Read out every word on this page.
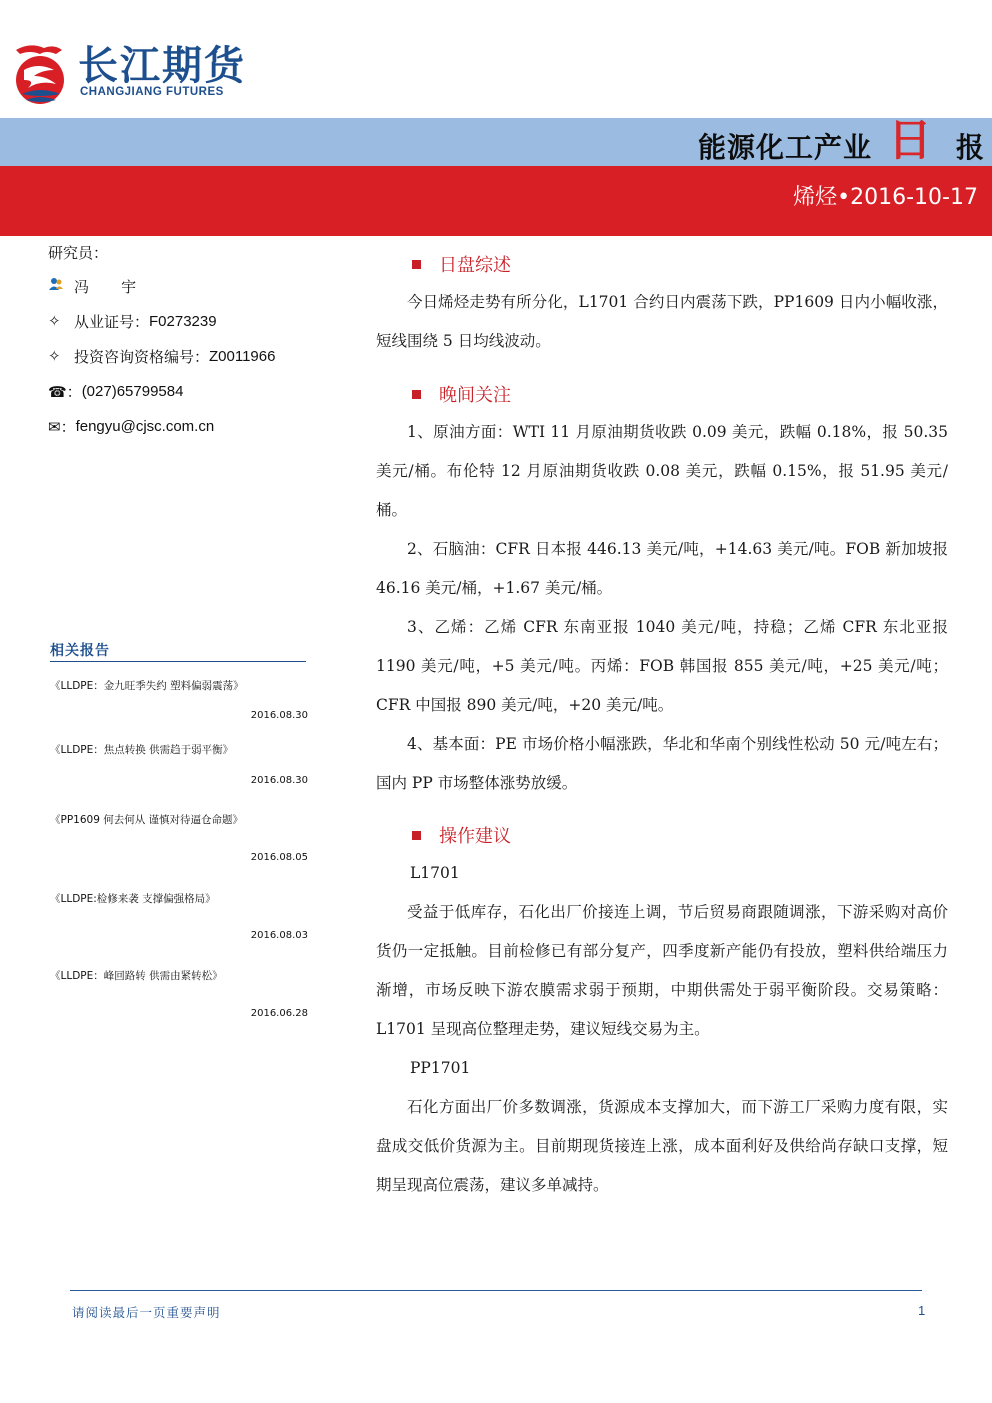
长江期货
CHANGJIANG FUTURES
能源化工产业 日 报
烯烃•2016-10-17
研究员：
冯 宇
✧ 从业证号： F0273239
✧ 投资咨询资格编号： Z0011966
☎： (027)65799584
✉： fengyu@cjsc.com.cn
相关报告
《LLDPE：金九旺季失约 塑料偏弱震荡》
2016.08.30
《LLDPE：焦点转换 供需趋于弱平衡》
2016.08.30
《PP1609 何去何从 谨慎对待逼仓命题》
2016.08.05
《LLDPE:检修来袭 支撑偏强格局》
2016.08.03
《LLDPE：峰回路转 供需由紧转松》
2016.06.28
日盘综述
今日烯烃走势有所分化，L1701 合约日内震荡下跌，PP1609 日内小幅收涨，短线围绕 5 日均线波动。
晚间关注
1、原油方面：WTI 11 月原油期货收跌 0.09 美元，跌幅 0.18%，报 50.35 美元/桶。布伦特 12 月原油期货收跌 0.08 美元，跌幅 0.15%，报 51.95 美元/桶。
2、石脑油：CFR 日本报 446.13 美元/吨，+14.63 美元/吨。FOB 新加坡报 46.16 美元/桶，+1.67 美元/桶。
3、乙烯：乙烯 CFR 东南亚报 1040 美元/吨，持稳；乙烯 CFR 东北亚报 1190 美元/吨，+5 美元/吨。丙烯：FOB 韩国报 855 美元/吨，+25 美元/吨；CFR 中国报 890 美元/吨，+20 美元/吨。
4、基本面：PE 市场价格小幅涨跌，华北和华南个别线性松动 50 元/吨左右；国内 PP 市场整体涨势放缓。
操作建议
L1701
受益于低库存，石化出厂价接连上调，节后贸易商跟随调涨，下游采购对高价货仍一定抵触。目前检修已有部分复产，四季度新产能仍有投放，塑料供给端压力渐增，市场反映下游农膜需求弱于预期，中期供需处于弱平衡阶段。交易策略：L1701 呈现高位整理走势，建议短线交易为主。
PP1701
石化方面出厂价多数调涨，货源成本支撑加大，而下游工厂采购力度有限，实盘成交低价货源为主。目前期现货接连上涨，成本面利好及供给尚存缺口支撑，短期呈现高位震荡，建议多单减持。
请阅读最后一页重要声明	1
